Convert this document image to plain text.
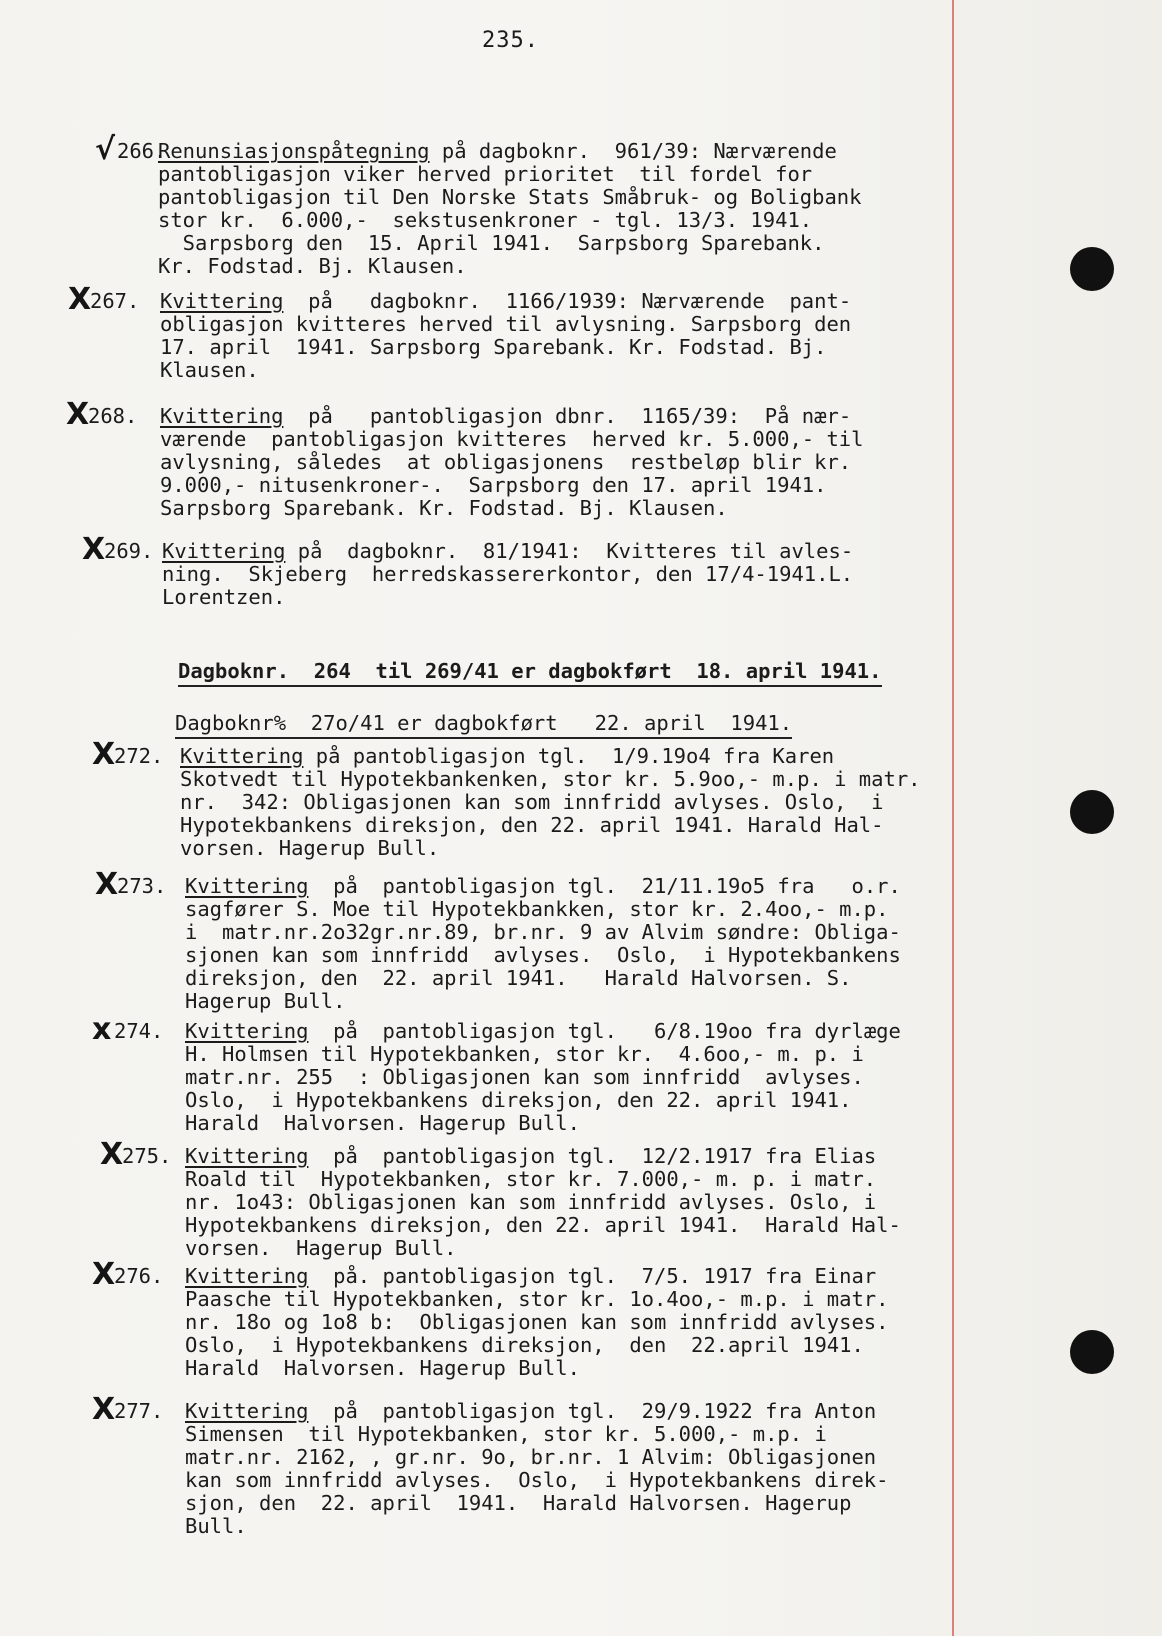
235.
√ 266.
Renunsiasjonspåtegning på dagboknr.  961/39: Nærværende
pantobligasjon viker herved prioritet  til fordel for
pantobligasjon til Den Norske Stats Småbruk- og Boligbank
stor kr.  6.000,-  sekstusenkroner - tgl. 13/3. 1941.
Sarpsborg den  15. April 1941.  Sarpsborg Sparebank.
Kr. Fodstad. Bj. Klausen.
X
267. Kvittering  på   dagboknr.  1166/1939: Nærværende  pant-
obligasjon kvitteres herved til avlysning. Sarpsborg den
17. april  1941. Sarpsborg Sparebank. Kr. Fodstad. Bj.
Klausen.
X
268. Kvittering  på   pantobligasjon dbnr.  1165/39:  På nær-
værende  pantobligasjon kvitteres  herved kr. 5.000,- til
avlysning, således  at obligasjonens  restbeløp blir kr.
9.000,- nitusenkroner-.  Sarpsborg den 17. april 1941.
Sarpsborg Sparebank. Kr. Fodstad. Bj. Klausen.
X
269. Kvittering på  dagboknr.  81/1941:  Kvitteres til avles-
ning.  Skjeberg  herredskassererkontor, den 17/4-1941.L.
Lorentzen.
X
272. Kvittering på pantobligasjon tgl.  1/9.19o4 fra Karen
Skotvedt til Hypotekbankenken, stor kr. 5.9oo,- m.p. i matr.
nr.  342: Obligasjonen kan som innfridd avlyses. Oslo,  i
Hypotekbankens direksjon, den 22. april 1941. Harald Hal-
vorsen. Hagerup Bull.
X
273. Kvittering  på  pantobligasjon tgl.  21/11.19o5 fra   o.r.
sagfører S. Moe til Hypotekbankken, stor kr. 2.4oo,- m.p.
i  matr.nr.2o32gr.nr.89, br.nr. 9 av Alvim søndre: Obliga-
sjonen kan som innfridd  avlyses.  Oslo,  i Hypotekbankens
direksjon, den  22. april 1941.   Harald Halvorsen. S.
Hagerup Bull.
x 274. Kvittering  på  pantobligasjon tgl.   6/8.19oo fra dyrlæge
H. Holmsen til Hypotekbanken, stor kr.  4.6oo,- m. p. i
matr.nr. 255  : Obligasjonen kan som innfridd  avlyses.
Oslo,  i Hypotekbankens direksjon, den 22. april 1941.
Harald  Halvorsen. Hagerup Bull.
X
275. Kvittering  på  pantobligasjon tgl.  12/2.1917 fra Elias
Roald til  Hypotekbanken, stor kr. 7.000,- m. p. i matr.
nr. 1o43: Obligasjonen kan som innfridd avlyses. Oslo, i
Hypotekbankens direksjon, den 22. april 1941.  Harald Hal-
vorsen.  Hagerup Bull.
X
276. Kvittering  på. pantobligasjon tgl.  7/5. 1917 fra Einar
Paasche til Hypotekbanken, stor kr. 1o.4oo,- m.p. i matr.
nr. 18o og 1o8 b:  Obligasjonen kan som innfridd avlyses.
Oslo,  i Hypotekbankens direksjon,  den  22.april 1941.
Harald  Halvorsen. Hagerup Bull.
X
277. Kvittering  på  pantobligasjon tgl.  29/9.1922 fra Anton
Simensen  til Hypotekbanken, stor kr. 5.000,- m.p. i
matr.nr. 2162, , gr.nr. 9o, br.nr. 1 Alvim: Obligasjonen
kan som innfridd avlyses.  Oslo,  i Hypotekbankens direk-
sjon, den  22. april  1941.  Harald Halvorsen. Hagerup
Bull.
Dagboknr.  264  til 269/41 er dagbokført  18. april 1941.
Dagboknr%  27o/41 er dagbokført   22. april  1941.
